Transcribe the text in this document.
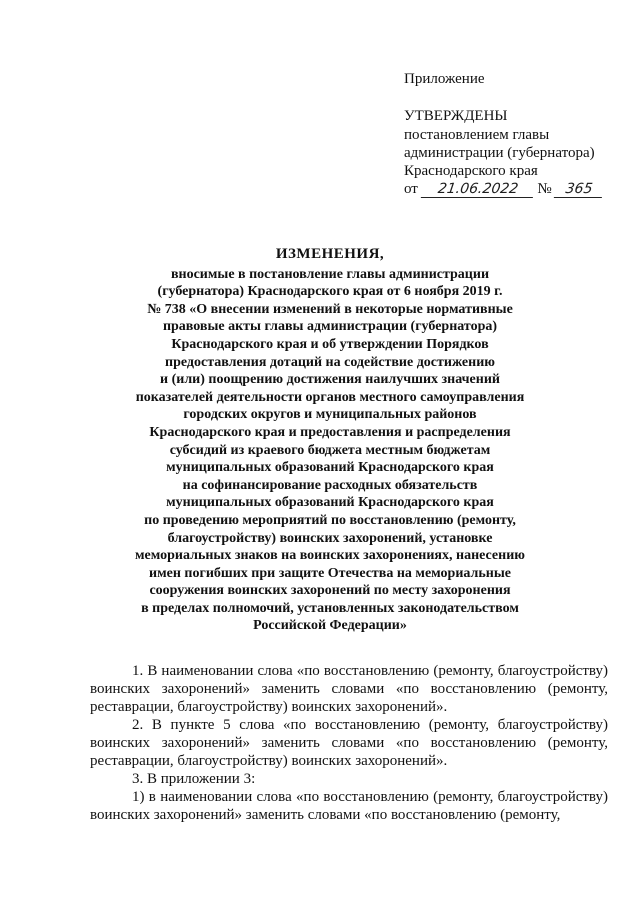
Приложение
УТВЕРЖДЕНЫ
постановлением главы
администрации (губернатора)
Краснодарского края
от 21.06.2022 № 365
ИЗМЕНЕНИЯ,
вносимые в постановление главы администрации
(губернатора) Краснодарского края от 6 ноября 2019 г.
№ 738 «О внесении изменений в некоторые нормативные
правовые акты главы администрации (губернатора)
Краснодарского края и об утверждении Порядков
предоставления дотаций на содействие достижению
и (или) поощрению достижения наилучших значений
показателей деятельности органов местного самоуправления
городских округов и муниципальных районов
Краснодарского края и предоставления и распределения
субсидий из краевого бюджета местным бюджетам
муниципальных образований Краснодарского края
на софинансирование расходных обязательств
муниципальных образований Краснодарского края
по проведению мероприятий по восстановлению (ремонту,
благоустройству) воинских захоронений, установке
мемориальных знаков на воинских захоронениях, нанесению
имен погибших при защите Отечества на мемориальные
сооружения воинских захоронений по месту захоронения
в пределах полномочий, установленных законодательством
Российской Федерации»

1. В наименовании слова «по восстановлению (ремонту, благоустройству) воинских захоронений» заменить словами «по восстановлению (ремонту, реставрации, благоустройству) воинских захоронений».

2. В пункте 5 слова «по восстановлению (ремонту, благоустройству) воинских захоронений» заменить словами «по восстановлению (ремонту, реставрации, благоустройству) воинских захоронений».

3. В приложении 3:

1) в наименовании слова «по восстановлению (ремонту, благоустройству) воинских захоронений» заменить словами «по восстановлению (ремонту,
